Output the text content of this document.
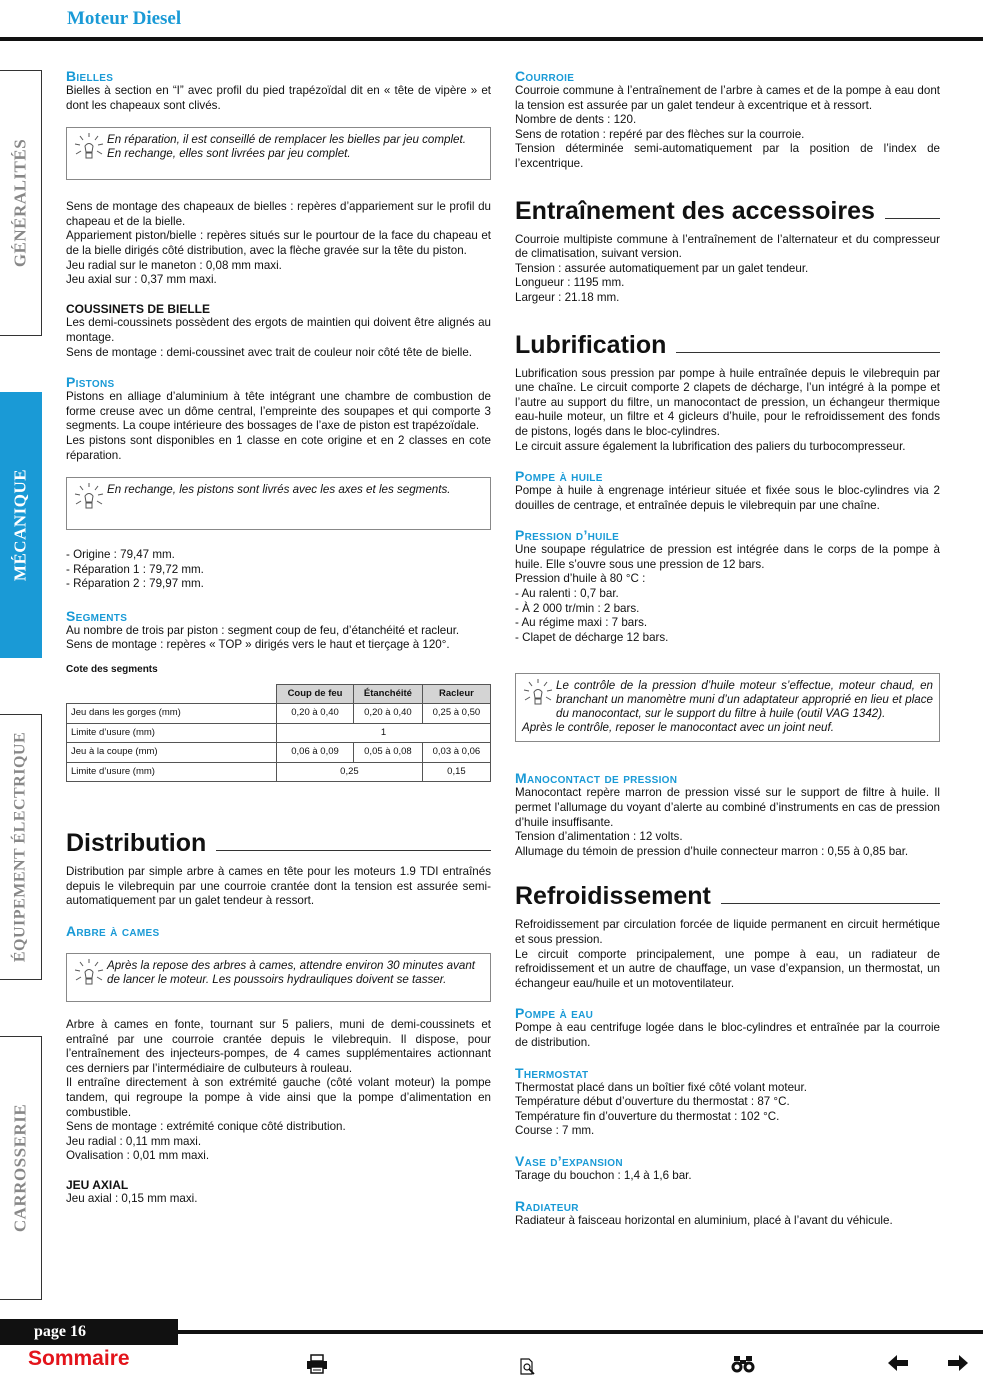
Moteur Diesel
GÉNÉRALITÉS
MÉCANIQUE
ÉQUIPEMENT ÉLECTRIQUE
CARROSSERIE
Bielles

Bielles à section en “I” avec profil du pied trapézoïdal dit en « tête de vipère » et dont les chapeaux sont clivés.

En réparation, il est conseillé de remplacer les bielles par jeu complet.
En rechange, elles sont livrées par jeu complet.

Sens de montage des chapeaux de bielles : repères d’appariement sur le profil du chapeau et de la bielle.

Appariement piston/bielle : repères situés sur le pourtour de la face du chapeau et de la bielle dirigés côté distribution, avec la flèche gravée sur la tête du piston.

Jeu radial sur le maneton : 0,08 mm maxi.

Jeu axial sur : 0,37 mm maxi.

COUSSINETS DE BIELLE

Les demi-coussinets possèdent des ergots de maintien qui doivent être alignés au montage.

Sens de montage : demi-coussinet avec trait de couleur noir côté tête de bielle.

Pistons

Pistons en alliage d’aluminium à tête intégrant une chambre de combustion de forme creuse avec un dôme central, l’empreinte des soupapes et qui comporte 3 segments. La coupe intérieure des bossages de l’axe de piston est trapézoïdale.

Les pistons sont disponibles en 1 classe en cote origine et en 2 classes en cote réparation.

En rechange, les pistons sont livrés avec les axes et les segments.

- Origine : 79,47 mm.

- Réparation 1 : 79,72 mm.

- Réparation 2 : 79,97 mm.

Segments

Au nombre de trois par piston : segment coup de feu, d’étanchéité et racleur.

Sens de montage : repères « TOP » dirigés vers le haut et tierçage à 120°.

Cote des segments
	Coup de feu	Étanchéité	Racleur
Jeu dans les gorges (mm)	0,20 à 0,40	0,20 à 0,40	0,25 à 0,50
Limite d’usure (mm)	1		
Jeu à la coupe (mm)	0,06 à 0,09	0,05 à 0,08	0,03 à 0,06
Limite d’usure (mm)	0,25		0,15
Distribution

Distribution par simple arbre à cames en tête pour les moteurs 1.9 TDI entraînés depuis le vilebrequin par une courroie crantée dont la tension est assurée semi-automatiquement par un galet tendeur à ressort.

Arbre à cames
Après la repose des arbres à cames, attendre environ 30 minutes avant
de lancer le moteur. Les poussoirs hydrauliques doivent se tasser.

Arbre à cames en fonte, tournant sur 5 paliers, muni de demi-coussinets et entraîné par une courroie crantée depuis le vilebrequin. Il dispose, pour l’entraînement des injecteurs-pompes, de 4 cames supplémentaires actionnant ces derniers par l’intermédiaire de culbuteurs à rouleau.

Il entraîne directement à son extrémité gauche (côté volant moteur) la pompe tandem, qui regroupe la pompe à vide ainsi que la pompe d’alimentation en combustible.

Sens de montage : extrémité conique côté distribution.

Jeu radial : 0,11 mm maxi.

Ovalisation : 0,01 mm maxi.

JEU AXIAL

Jeu axial : 0,15 mm maxi.

Courroie

Courroie commune à l’entraînement de l’arbre à cames et de la pompe à eau dont la tension est assurée par un galet tendeur à excentrique et à ressort.

Nombre de dents : 120.

Sens de rotation : repéré par des flèches sur la courroie.

Tension déterminée semi-automatiquement par la position de l’index de l’excentrique.

Entraînement des accessoires

Courroie multipiste commune à l’entraînement de l’alternateur et du compresseur de climatisation, suivant version.

Tension : assurée automatiquement par un galet tendeur.

Longueur : 1195 mm.

Largeur : 21.18 mm.

Lubrification

Lubrification sous pression par pompe à huile entraînée depuis le vilebrequin par une chaîne. Le circuit comporte 2 clapets de décharge, l’un intégré à la pompe et l’autre au support du filtre, un manocontact de pression, un échangeur thermique eau-huile moteur, un filtre et 4 gicleurs d’huile, pour le refroidissement des fonds de pistons, logés dans le bloc-cylindres.

Le circuit assure également la lubrification des paliers du turbocompresseur.

Pompe à huile

Pompe à huile à engrenage intérieur située et fixée sous le bloc-cylindres via 2 douilles de centrage, et entraînée depuis le vilebrequin par une chaîne.

Pression d’huile

Une soupape régulatrice de pression est intégrée dans le corps de la pompe à huile. Elle s’ouvre sous une pression de 12 bars.

Pression d’huile à 80 °C :

- Au ralenti : 0,7 bar.

- À 2 000 tr/min : 2 bars.

- Au régime maxi : 7 bars.

- Clapet de décharge 12 bars.

Le contrôle de la pression d’huile moteur s’effectue, moteur chaud, en branchant un manomètre muni d’un adaptateur approprié en lieu et place du manocontact, sur le support du filtre à huile (outil VAG 1342).
Après le contrôle, reposer le manocontact avec un joint neuf.
Manocontact de pression

Manocontact repère marron de pression vissé sur le support de filtre à huile. Il permet l’allumage du voyant d’alerte au combiné d’instruments en cas de pression d’huile insuffisante.

Tension d’alimentation : 12 volts.

Allumage du témoin de pression d’huile connecteur marron : 0,55 à 0,85 bar.

Refroidissement

Refroidissement par circulation forcée de liquide permanent en circuit hermétique et sous pression.

Le circuit comporte principalement, une pompe à eau, un radiateur de refroidissement et un autre de chauffage, un vase d’expansion, un thermostat, un échangeur eau/huile et un motoventilateur.

Pompe à eau

Pompe à eau centrifuge logée dans le bloc-cylindres et entraînée par la courroie de distribution.

Thermostat

Thermostat placé dans un boîtier fixé côté volant moteur.

Température début d’ouverture du thermostat : 87 °C.

Température fin d’ouverture du thermostat : 102 °C.

Course : 7 mm.

Vase d’expansion

Tarage du bouchon : 1,4 à 1,6 bar.

Radiateur

Radiateur à faisceau horizontal en aluminium, placé à l’avant du véhicule.

page 16
Sommaire
